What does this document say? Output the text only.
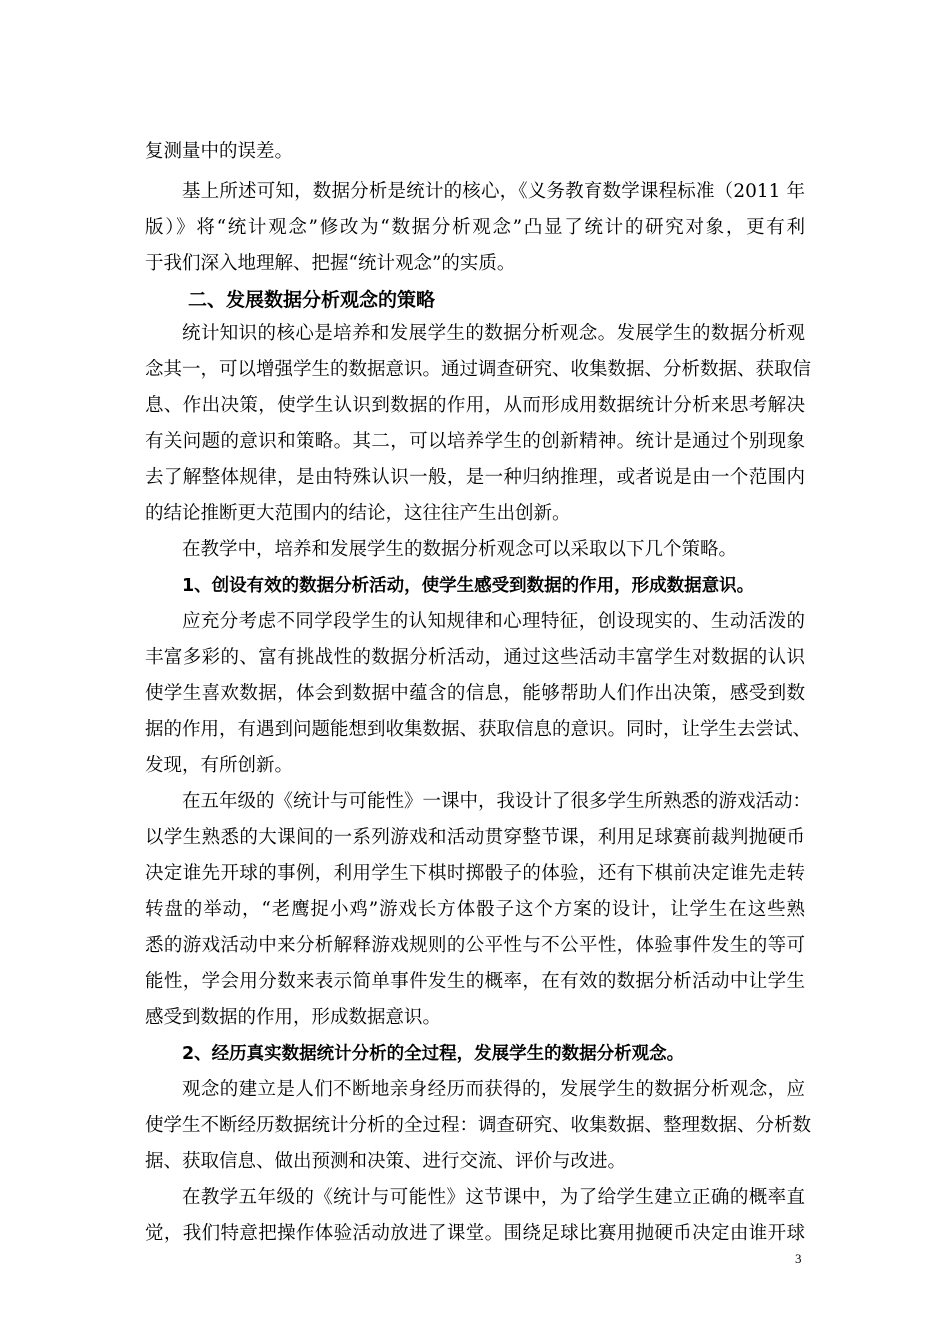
复测量中的误差。
基上所述可知，数据分析是统计的核心，《义务教育数学课程标准（2011 年
版）》将“统计观念”修改为“数据分析观念”凸显了统计的研究对象，更有利
于我们深入地理解、把握“统计观念”的实质。
二、发展数据分析观念的策略
统计知识的核心是培养和发展学生的数据分析观念。发展学生的数据分析观
念其一，可以增强学生的数据意识。通过调查研究、收集数据、分析数据、获取信
息、作出决策，使学生认识到数据的作用，从而形成用数据统计分析来思考解决
有关问题的意识和策略。其二，可以培养学生的创新精神。统计是通过个别现象
去了解整体规律，是由特殊认识一般，是一种归纳推理，或者说是由一个范围内
的结论推断更大范围内的结论，这往往产生出创新。
在教学中，培养和发展学生的数据分析观念可以采取以下几个策略。
1、创设有效的数据分析活动，使学生感受到数据的作用，形成数据意识。
应充分考虑不同学段学生的认知规律和心理特征，创设现实的、生动活泼的
丰富多彩的、富有挑战性的数据分析活动，通过这些活动丰富学生对数据的认识
使学生喜欢数据，体会到数据中蕴含的信息，能够帮助人们作出决策，感受到数
据的作用，有遇到问题能想到收集数据、获取信息的意识。同时，让学生去尝试、
发现，有所创新。
在五年级的《统计与可能性》一课中，我设计了很多学生所熟悉的游戏活动：
以学生熟悉的大课间的一系列游戏和活动贯穿整节课，利用足球赛前裁判抛硬币
决定谁先开球的事例，利用学生下棋时掷骰子的体验，还有下棋前决定谁先走转
转盘的举动，“老鹰捉小鸡”游戏长方体骰子这个方案的设计，让学生在这些熟
悉的游戏活动中来分析解释游戏规则的公平性与不公平性，体验事件发生的等可
能性，学会用分数来表示简单事件发生的概率，在有效的数据分析活动中让学生
感受到数据的作用，形成数据意识。
2、经历真实数据统计分析的全过程，发展学生的数据分析观念。
观念的建立是人们不断地亲身经历而获得的，发展学生的数据分析观念，应
使学生不断经历数据统计分析的全过程：调查研究、收集数据、整理数据、分析数
据、获取信息、做出预测和决策、进行交流、评价与改进。
在教学五年级的《统计与可能性》这节课中，为了给学生建立正确的概率直
觉，我们特意把操作体验活动放进了课堂。围绕足球比赛用抛硬币决定由谁开球
3
